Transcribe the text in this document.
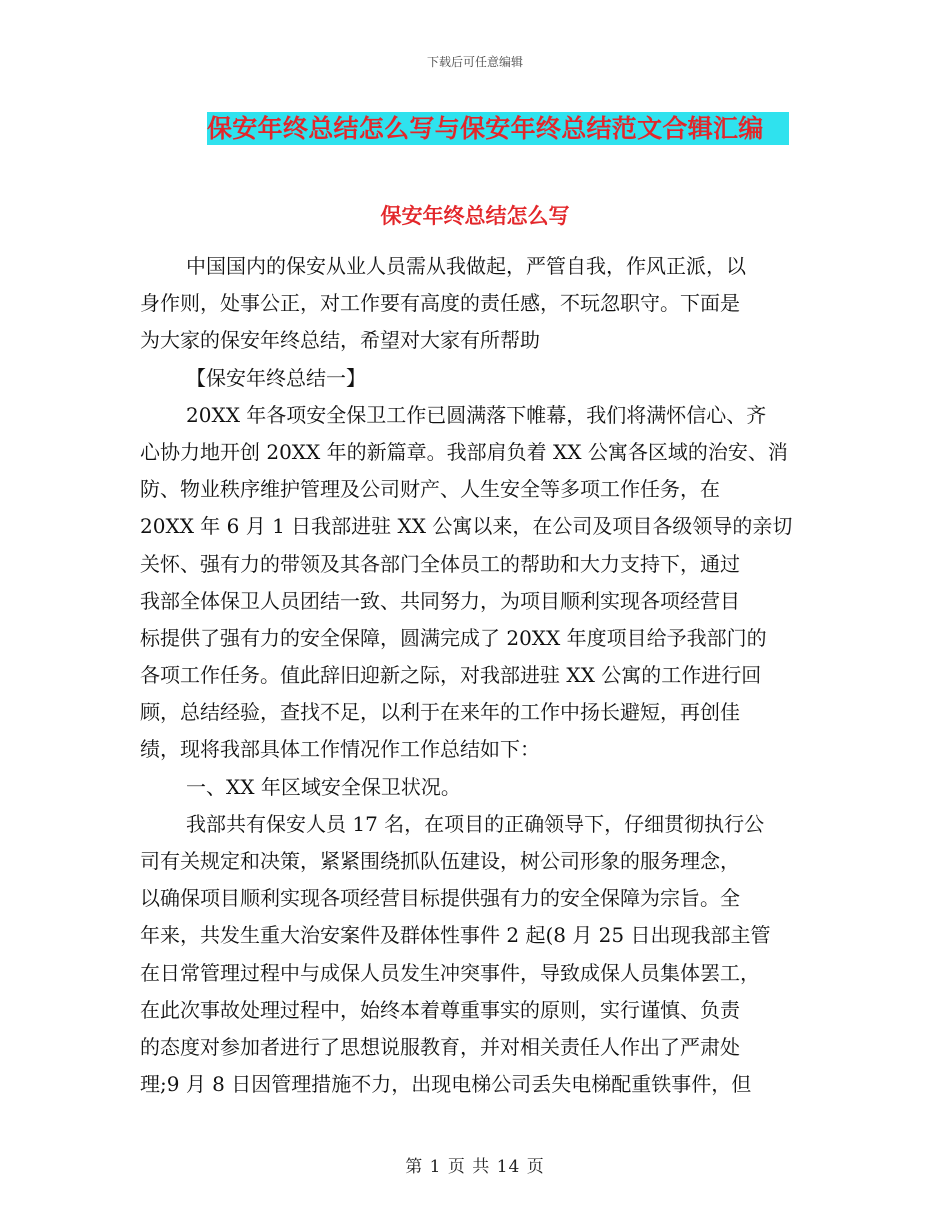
下载后可任意编辑
保安年终总结怎么写与保安年终总结范文合辑汇编
保安年终总结怎么写
中国国内的保安从业人员需从我做起，严管自我，作风正派，以
身作则，处事公正，对工作要有高度的责任感，不玩忽职守。下面是
为大家的保安年终总结，希望对大家有所帮助
【保安年终总结一】
20XX 年各项安全保卫工作已圆满落下帷幕，我们将满怀信心、齐
心协力地开创 20XX 年的新篇章。我部肩负着 XX 公寓各区域的治安、消
防、物业秩序维护管理及公司财产、人生安全等多项工作任务，在
20XX 年 6 月 1 日我部进驻 XX 公寓以来，在公司及项目各级领导的亲切
关怀、强有力的带领及其各部门全体员工的帮助和大力支持下，通过
我部全体保卫人员团结一致、共同努力，为项目顺利实现各项经营目
标提供了强有力的安全保障，圆满完成了 20XX 年度项目给予我部门的
各项工作任务。值此辞旧迎新之际，对我部进驻 XX 公寓的工作进行回
顾，总结经验，查找不足，以利于在来年的工作中扬长避短，再创佳
绩，现将我部具体工作情况作工作总结如下：
一、XX 年区域安全保卫状况。
我部共有保安人员 17 名，在项目的正确领导下，仔细贯彻执行公
司有关规定和决策，紧紧围绕抓队伍建设，树公司形象的服务理念，
以确保项目顺利实现各项经营目标提供强有力的安全保障为宗旨。全
年来，共发生重大治安案件及群体性事件 2 起(8 月 25 日出现我部主管
在日常管理过程中与成保人员发生冲突事件，导致成保人员集体罢工，
在此次事故处理过程中，始终本着尊重事实的原则，实行谨慎、负责
的态度对参加者进行了思想说服教育，并对相关责任人作出了严肃处
理;9 月 8 日因管理措施不力，出现电梯公司丢失电梯配重铁事件，但
第 1 页 共 14 页
